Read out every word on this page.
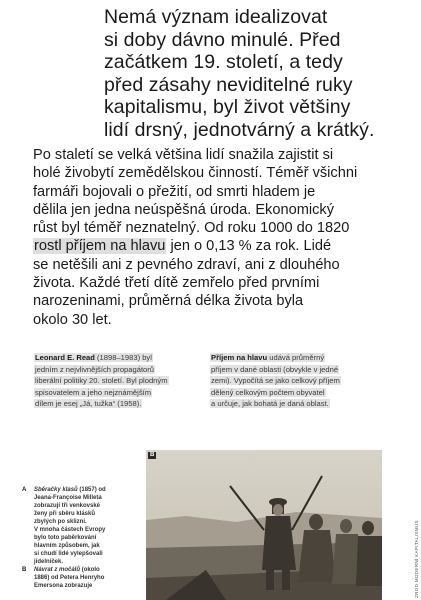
Nemá význam idealizovat
si doby dávno minulé. Před
začátkem 19. století, a tedy
před zásahy neviditelné ruky
kapitalismu, byl život většiny
lidí drsný, jednotvárný a krátký.
Po staletí se velká většina lidí snažila zajistit si
holé živobytí zemědělskou činností. Téměř všichni
farmáři bojovali o přežití, od smrti hladem je
dělila jen jedna neúspěšná úroda. Ekonomický
růst byl téměř neznatelný. Od roku 1000 do 1820
rostl příjem na hlavu jen o 0,13 % za rok. Lidé
se netěšili ani z pevného zdraví, ani z dlouhého
života. Každé třetí dítě zemřelo před prvními
narozeninami, průměrná délka života byla
okolo 30 let.
Leonard E. Read (1898–1983) byl
jedním z nejvlivnějších propagátorů
liberální politiky 20. století. Byl plodným
spisovatelem a jeho nejznámějším
dílem je esej „Já, tužka“ (1958).
Příjem na hlavu udává průměrný
příjem v dané oblasti (obvykle v jedné
zemi). Vypočítá se jako celkový příjem
dělený celkovým počtem obyvatel
a určuje, jak bohatá je daná oblast.
B
A Sběračky klasů (1857) od
Jeana-Françoise Milleta
zobrazují tři venkovské
ženy při sběru klásků
zbylých po sklizni.
V mnoha částech Evropy
bylo toto paběrkování
hlavním způsobem, jak
si chudí lidé vylepšovali
jídelníček.
B Návrat z močálů (okolo
1886) od Petera Henryho
Emersona zobrazuje	ZROD MODERNÍ KAPITALISMUS
